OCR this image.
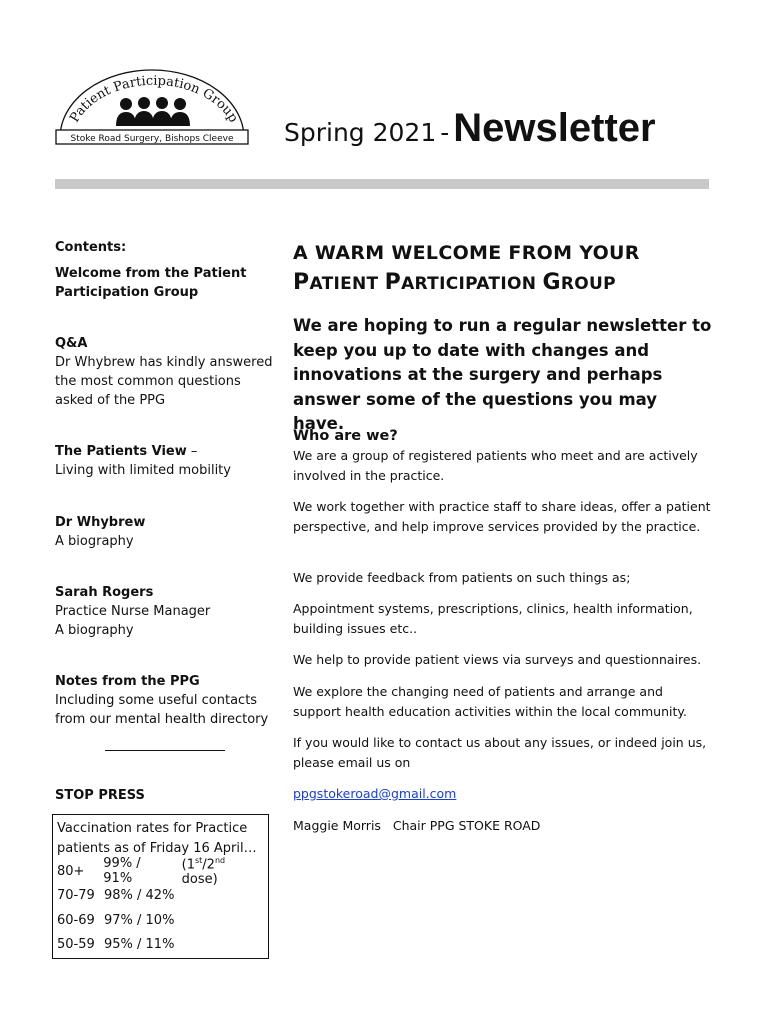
Patient Participation Group
Stoke Road Surgery, Bishops Cleeve Spring 2021 - Newsletter
Contents:
Welcome from the Patient Participation Group
Q&A
Dr Whybrew has kindly answered the most common questions asked of the PPG
The Patients View –
Living with limited mobility
Dr Whybrew
A biography
Sarah Rogers
Practice Nurse Manager
A biography
Notes from the PPG
Including some useful contacts from our mental health directory
STOP PRESS
Vaccination rates for Practice patients as of Friday 16 April…
80+	99% / 91%
(1st/2nd dose)
70-79 98% / 42%
60-69 97% / 10%
50-59 95% / 11%
A WARM WELCOME FROM YOUR
PATIENT PARTICIPATION GROUP
We are hoping to run a regular newsletter to keep you up to date with changes and innovations at the surgery and perhaps answer some of the questions you may have.
Who are we?
We are a group of registered patients who meet and are actively involved in the practice.
We work together with practice staff to share ideas, offer a patient perspective, and help improve services provided by the practice.
We provide feedback from patients on such things as;
Appointment systems, prescriptions, clinics, health information, building issues etc..
We help to provide patient views via surveys and questionnaires.
We explore the changing need of patients and arrange and support health education activities within the local community.
If you would like to contact us about any issues, or indeed join us, please email us on
ppgstokeroad@gmail.com
Maggie Morris   Chair PPG STOKE ROAD
